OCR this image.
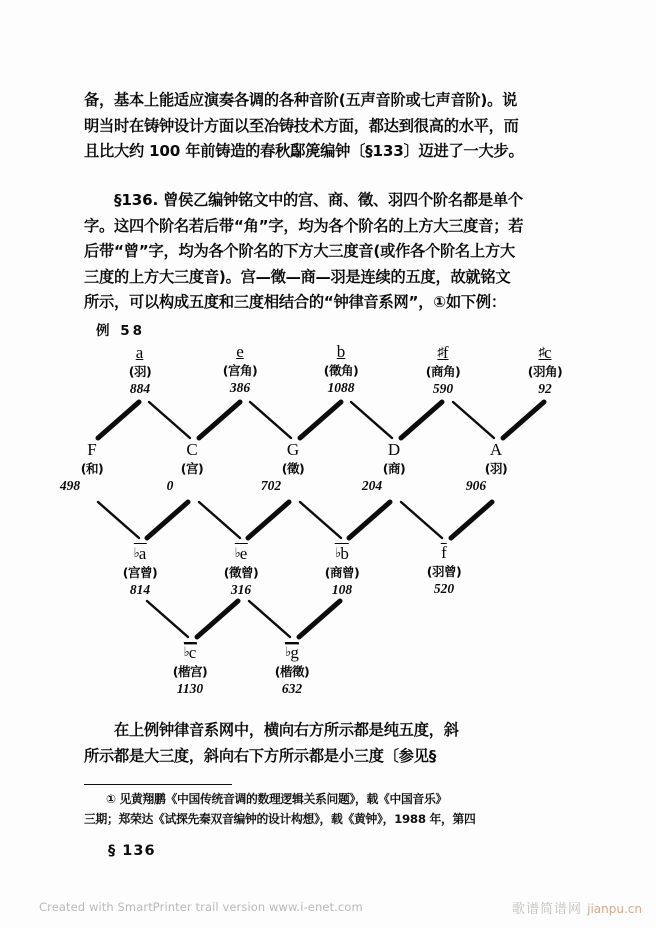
备，基本上能适应演奏各调的各种音阶(五声音阶或七声音阶)。说
明当时在铸钟设计方面以至冶铸技术方面，都达到很高的水平，而
且比大约 100 年前铸造的春秋鄬箎编钟〔§133〕迈进了一大步。
§136. 曾侯乙编钟铭文中的宫、商、徵、羽四个阶名都是单个
字。这四个阶名若后带“角”字，均为各个阶名的上方大三度音；若
后带“曾”字，均为各个阶名的下方大三度音(或作各个阶名上方大
三度的上方大三度音)。宫—徵—商—羽是连续的五度，故就铭文
所示，可以构成五度和三度相结合的“钟律音系网”，①如下例：
例 58
a
(羽)
884
e
(宫角)
386
b
(徵角)
1088
♯f
(商角)
590
♯c
(羽角)
92
F
(和)
498
C
(宫)
0
G
(徵)
702
D
(商)
204
A
(羽)
906
♭a
(宫曾)
814
♭e
(徵曾)
316
♭b
(商曾)
108
f
(羽曾)
520
♭c
(楷宫)
1130
♭g
(楷徵)
632
在上例钟律音系网中，横向右方所示都是纯五度，斜
所示都是大三度，斜向右下方所示都是小三度〔参见§
① 见黄翔鹏《中国传统音调的数理逻辑关系问题》，载《中国音乐》
三期；郑荣达《试探先秦双音编钟的设计构想》，载《黄钟》，1988 年，第四
§ 136
Created with SmartPrinter trail version www.i-enet.com	歌谱简谱网 jianpu.cn
